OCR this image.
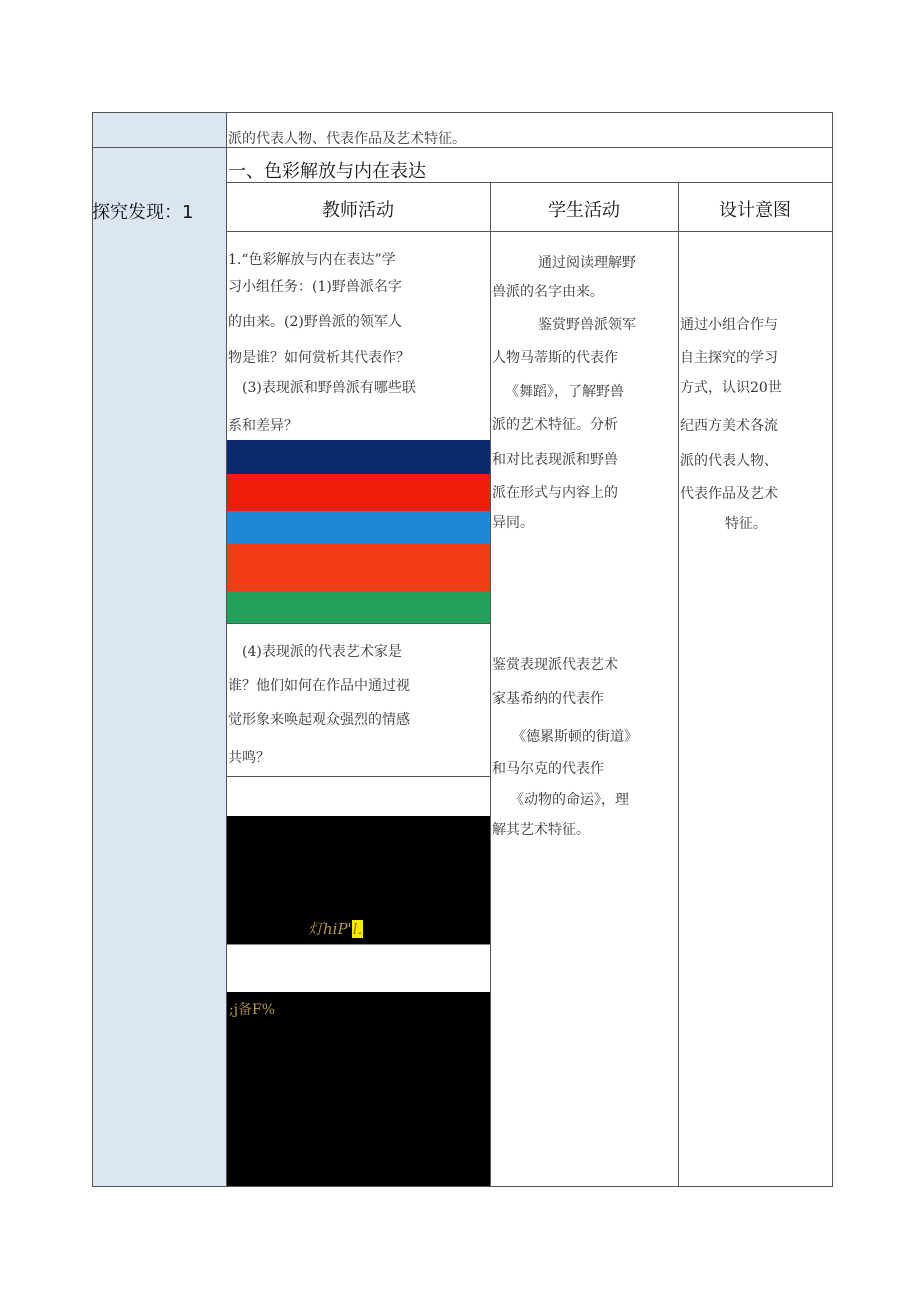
派的代表人物、代表作品及艺术特征。
探究发现：1
一、色彩解放与内在表达
教师活动	学生活动	设计意图
1.“色彩解放与内在表达”学
习小组任务：(1)野兽派名字
的由来。(2)野兽派的领军人
物是谁？如何赏析其代表作？
(3)表现派和野兽派有哪些联
系和差异？
(4)表现派的代表艺术家是
谁？他们如何在作品中通过视
觉形象来唤起观众强烈的情感
共鸣？
灯hiP'l.
;j备F%
通过阅读理解野
兽派的名字由来。
鉴赏野兽派领军
人物马蒂斯的代表作
《舞蹈》，了解野兽
派的艺术特征。分析
和对比表现派和野兽
派在形式与内容上的
异同。
鉴赏表现派代表艺术
家基希纳的代表作
《德累斯顿的街道》
和马尔克的代表作
《动物的命运》，理
解其艺术特征。
通过小组合作与
自主探究的学习
方式，认识20世
纪西方美术各流
派的代表人物、
代表作品及艺术
特征。
